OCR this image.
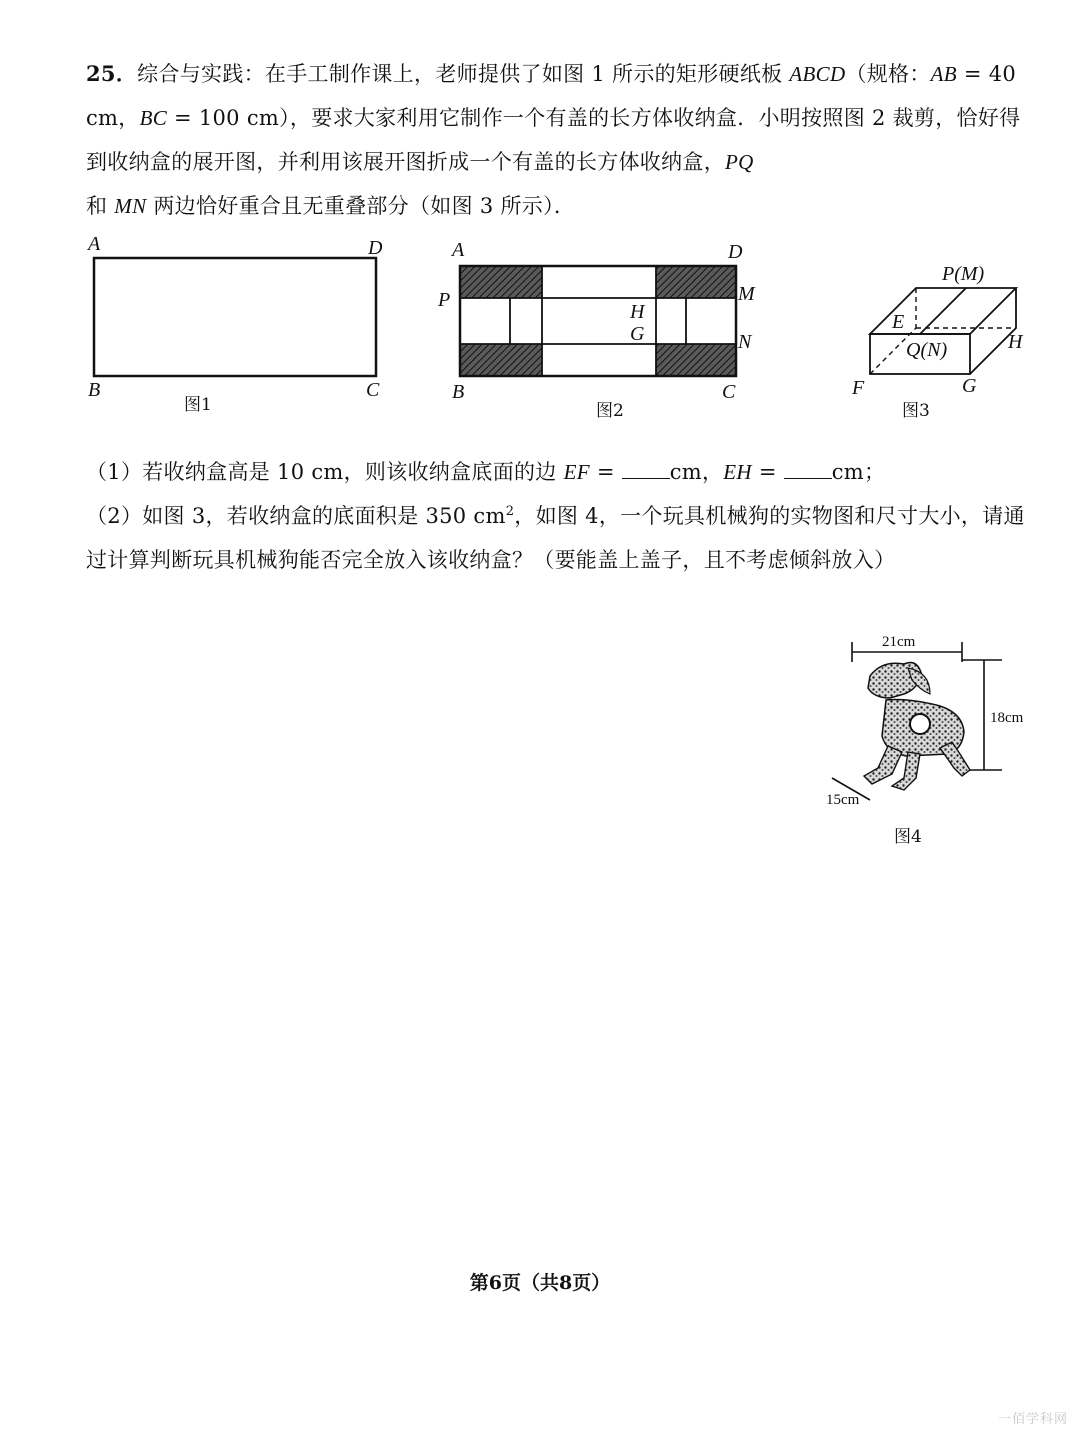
25．综合与实践：在手工制作课上，老师提供了如图 1 所示的矩形硬纸板 ABCD（规格：AB = 40 cm，BC = 100 cm），要求大家利用它制作一个有盖的长方体收纳盒．小明按照图 2 裁剪，恰好得到收纳盒的展开图，并利用该展开图折成一个有盖的长方体收纳盒，PQ
和 MN 两边恰好重合且无重叠部分（如图 3 所示）．

A	D
B	C
图1
A	D
B	C
P	M
N
H
G
图2
P(M)
E
Q(N)	H
F	G
图3

（1）若收纳盒高是 10 cm，则该收纳盒底面的边 EF = cm，EH = cm；

（2）如图 3，若收纳盒的底面积是 350 $cm^2$，如图 4，一个玩具机械狗的实物图和尺寸大小，请通过计算判断玩具机械狗能否完全放入该收纳盒？（要能盖上盖子，且不考虑倾斜放入）

21cm
18cm
15cm
图4
第6页（共8页）
一佰学科网
